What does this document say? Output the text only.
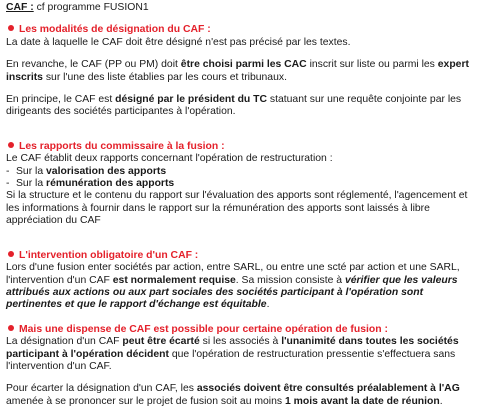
CAF : cf programme FUSION1
Les modalités de désignation du CAF :

La date à laquelle le CAF doit être désigné n'est pas précisé par les textes.

En revanche, le CAF (PP ou PM) doit être choisi parmi les CAC inscrit sur liste ou parmi les expert inscrits sur l'une des liste établies par les cours et tribunaux.

En principe, le CAF est désigné par le président du TC statuant sur une requête conjointe par les dirigeants des sociétés participantes à l'opération.

Les rapports du commissaire à la fusion :
Le CAF établit deux rapports concernant l'opération de restructuration :
- Sur la valorisation des apports
- Sur la rémunération des apports

Si la structure et le contenu du rapport sur l'évaluation des apports sont réglementé, l'agencement et les informations à fournir dans le rapport sur la rémunération des apports sont laissés à libre appréciation du CAF

L'intervention obligatoire d'un CAF :

Lors d'une fusion enter sociétés par action, entre SARL, ou entre une scté par action et une SARL, l'intervention d'un CAF est normalement requise. Sa mission consiste à vérifier que les valeurs attribués aux actions ou aux part sociales des sociétés participant à l'opération sont pertinentes et que le rapport d'échange est équitable.

Mais une dispense de CAF est possible pour certaine opération de fusion :

La désignation d'un CAF peut être écarté si les associés à l'unanimité dans toutes les sociétés participant à l'opération décident que l'opération de restructuration pressentie s'effectuera sans l'intervention d'un CAF.

Pour écarter la désignation d'un CAF, les associés doivent être consultés préalablement à l'AG amenée à se prononcer sur le projet de fusion soit au moins 1 mois avant la date de réunion.
